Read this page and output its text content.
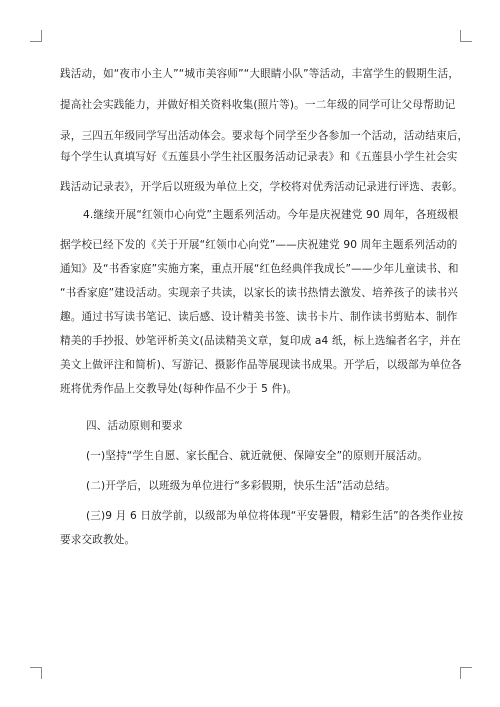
践活动，如“夜市小主人”“城市美容师”“大眼睛小队”等活动，丰富学生的假期生活，
提高社会实践能力，并做好相关资料收集(照片等)。一二年级的同学可让父母帮助记
录，三四五年级同学写出活动体会。要求每个同学至少各参加一个活动，活动结束后，
每个学生认真填写好《五莲县小学生社区服务活动记录表》和《五莲县小学生社会实
践活动记录表》，开学后以班级为单位上交，学校将对优秀活动记录进行评选、表彰。
4.继续开展“红领巾心向党”主题系列活动。今年是庆祝建党 90 周年，各班级根
据学校已经下发的《关于开展“红领巾心向党”——庆祝建党 90 周年主题系列活动的
通知》及“书香家庭”实施方案，重点开展“红色经典伴我成长”——少年儿童读书、和
“书香家庭”建设活动。实现亲子共读，以家长的读书热情去激发、培养孩子的读书兴
趣。通过书写读书笔记、读后感、设计精美书签、读书卡片、制作读书剪贴本、制作
精美的手抄报、妙笔评析美文(品读精美文章，复印成 a4 纸，标上选编者名字，并在
美文上做评注和简析)、写游记、摄影作品等展现读书成果。开学后，以级部为单位各
班将优秀作品上交教导处(每种作品不少于 5 件)。
四、活动原则和要求
(一)坚持“学生自愿、家长配合、就近就便、保障安全”的原则开展活动。
(二)开学后，以班级为单位进行“多彩假期，快乐生活”活动总结。
(三)9 月 6 日放学前，以级部为单位将体现“平安暑假，精彩生活”的各类作业按
要求交政教处。
